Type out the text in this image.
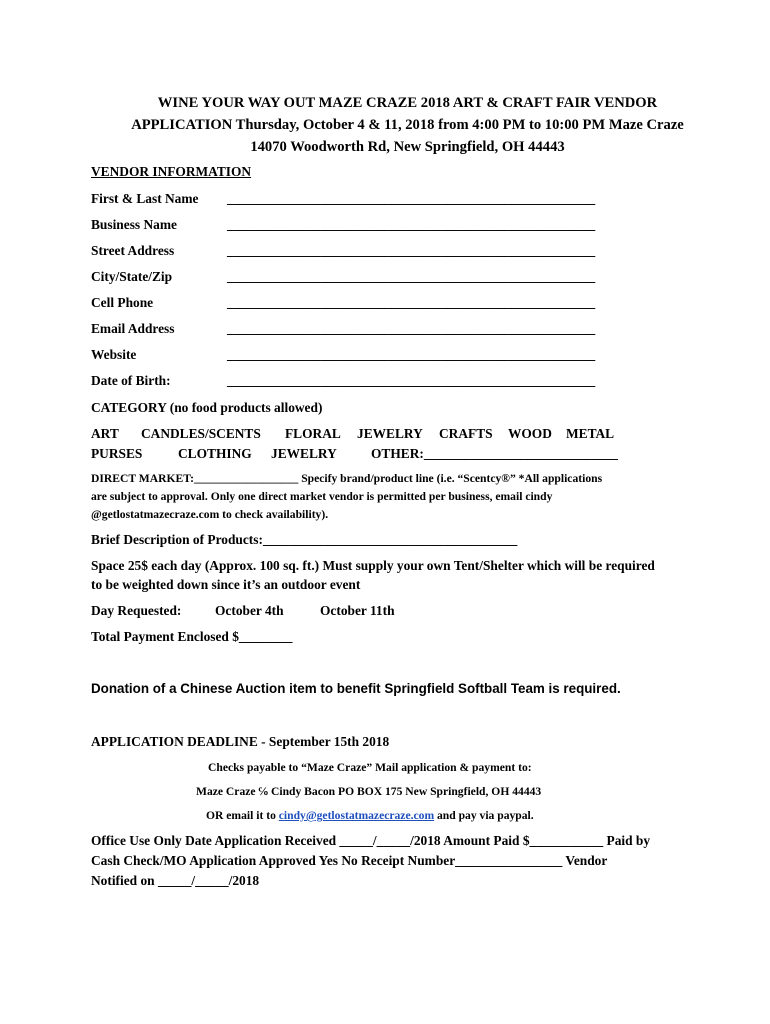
WINE YOUR WAY OUT MAZE CRAZE 2018 ART & CRAFT FAIR VENDOR
APPLICATION Thursday, October 4 & 11, 2018 from 4:00 PM to 10:00 PM Maze Craze
14070 Woodworth Rd, New Springfield, OH 44443
VENDOR INFORMATION
First & Last Name _______________________________________________________
Business Name	_______________________________________________________
Street Address	_______________________________________________________
City/State/Zip	_______________________________________________________
Cell Phone	_______________________________________________________
Email Address	_______________________________________________________
Website	_______________________________________________________
Date of Birth:	_______________________________________________________
CATEGORY (no food products allowed)
ART CANDLES/SCENTS FLORAL JEWELRY CRAFTS WOOD METAL
PURSES	CLOTHING JEWELRY	OTHER:_____________________________
DIRECT MARKET:__________________ Specify brand/product line (i.e. “Scentcy®” *All applications
are subject to approval. Only one direct market vendor is permitted per business, email cindy
@getlostatmazecraze.com to check availability).
Brief Description of Products:______________________________________
Space 25$ each day (Approx. 100 sq. ft.) Must supply your own Tent/Shelter which will be required
to be weighted down since it’s an outdoor event
Day Requested:	October 4th	October 11th
Total Payment Enclosed $________
Donation of a Chinese Auction item to benefit Springfield Softball Team is required.
APPLICATION DEADLINE - September 15th 2018
Checks payable to “Maze Craze” Mail application & payment to:
Maze Craze ℅ Cindy Bacon PO BOX 175 New Springfield, OH 44443
OR email it to cindy@getlostatmazecraze.com and pay via paypal.
Office Use Only Date Application Received _____/_____/2018 Amount Paid $___________ Paid by
Cash Check/MO Application Approved Yes No Receipt Number________________ Vendor
Notified on _____/_____/2018
